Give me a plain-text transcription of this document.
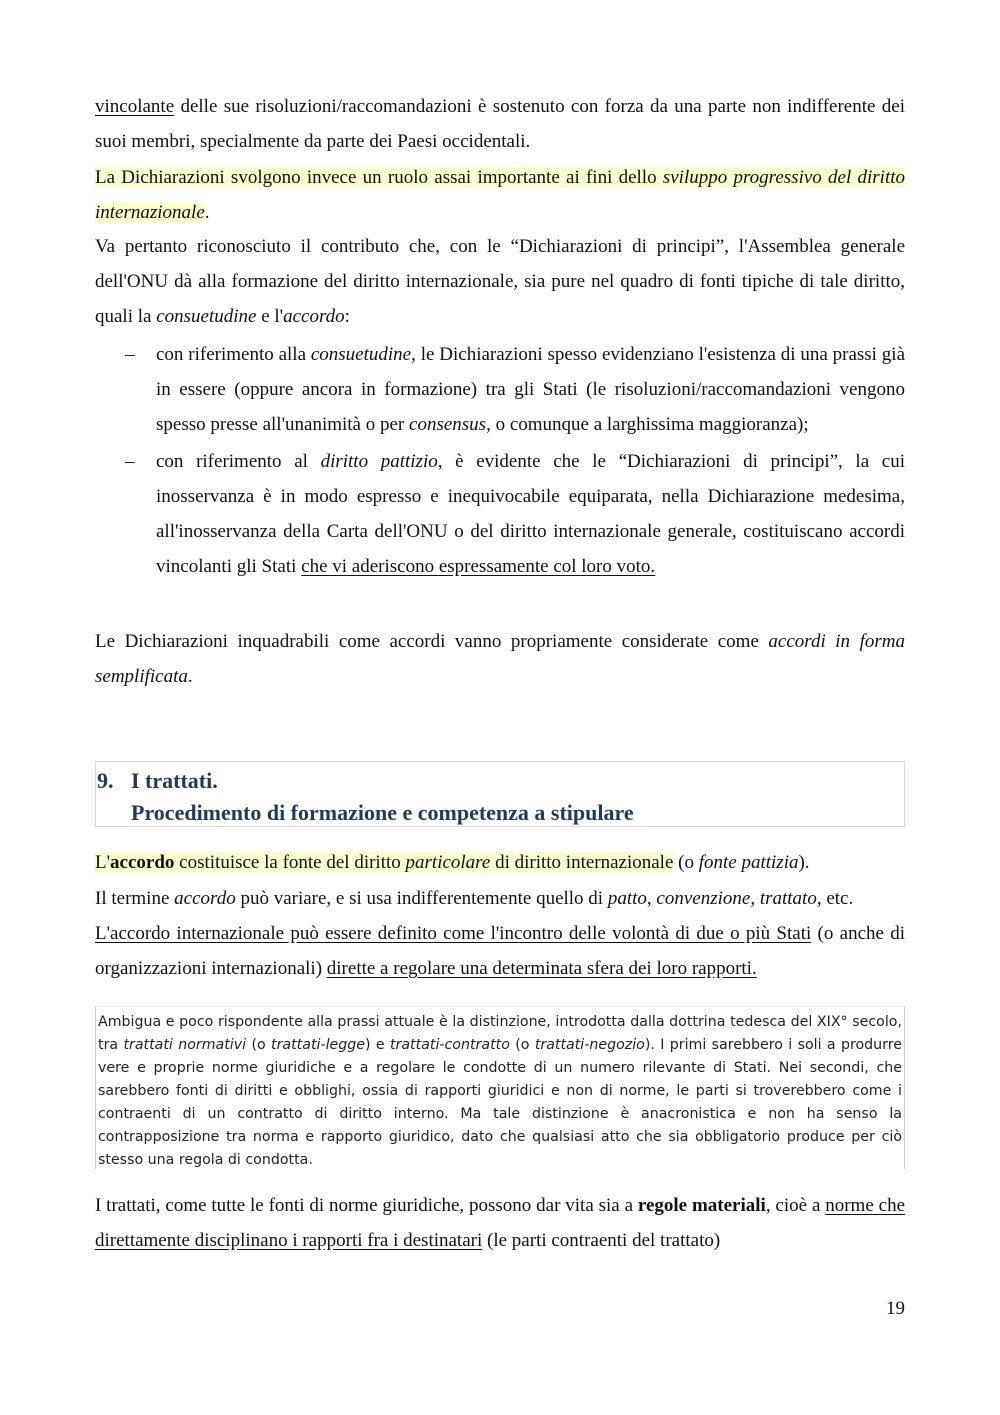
vincolante delle sue risoluzioni/raccomandazioni è sostenuto con forza da una parte non indifferente dei suoi membri, specialmente da parte dei Paesi occidentali.

La Dichiarazioni svolgono invece un ruolo assai importante ai fini dello sviluppo progressivo del diritto internazionale.

Va pertanto riconosciuto il contributo che, con le “Dichiarazioni di principi”, l'Assemblea generale dell'ONU dà alla formazione del diritto internazionale, sia pure nel quadro di fonti tipiche di tale diritto, quali la consuetudine e l'accordo:

– con riferimento alla consuetudine, le Dichiarazioni spesso evidenziano l'esistenza di una prassi già in essere (oppure ancora in formazione) tra gli Stati (le risoluzioni/raccomandazioni vengono spesso presse all'unanimità o per consensus, o comunque a larghissima maggioranza);
– con riferimento al diritto pattizio, è evidente che le “Dichiarazioni di principi”, la cui inosservanza è in modo espresso e inequivocabile equiparata, nella Dichiarazione medesima, all'inosservanza della Carta dell'ONU o del diritto internazionale generale, costituiscano accordi vincolanti gli Stati che vi aderiscono espressamente col loro voto.

Le Dichiarazioni inquadrabili come accordi vanno propriamente considerate come accordi in forma semplificata.

9. I trattati.
Procedimento di formazione e competenza a stipulare

L'accordo costituisce la fonte del diritto particolare di diritto internazionale (o fonte pattizia).

Il termine accordo può variare, e si usa indifferentemente quello di patto, convenzione, trattato, etc.

L'accordo internazionale può essere definito come l'incontro delle volontà di due o più Stati (o anche di organizzazioni internazionali) dirette a regolare una determinata sfera dei loro rapporti.

Ambigua e poco rispondente alla prassi attuale è la distinzione, introdotta dalla dottrina tedesca del XIX° secolo, tra trattati normativi (o trattati-legge) e trattati-contratto (o trattati-negozio). I primi sarebbero i soli a produrre vere e proprie norme giuridiche e a regolare le condotte di un numero rilevante di Stati. Nei secondi, che sarebbero fonti di diritti e obblighi, ossia di rapporti giuridici e non di norme, le parti si troverebbero come i contraenti di un contratto di diritto interno. Ma tale distinzione è anacronistica e non ha senso la contrapposizione tra norma e rapporto giuridico, dato che qualsiasi atto che sia obbligatorio produce per ciò stesso una regola di condotta.

I trattati, come tutte le fonti di norme giuridiche, possono dar vita sia a regole materiali, cioè a norme che direttamente disciplinano i rapporti fra i destinatari (le parti contraenti del trattato)

19
